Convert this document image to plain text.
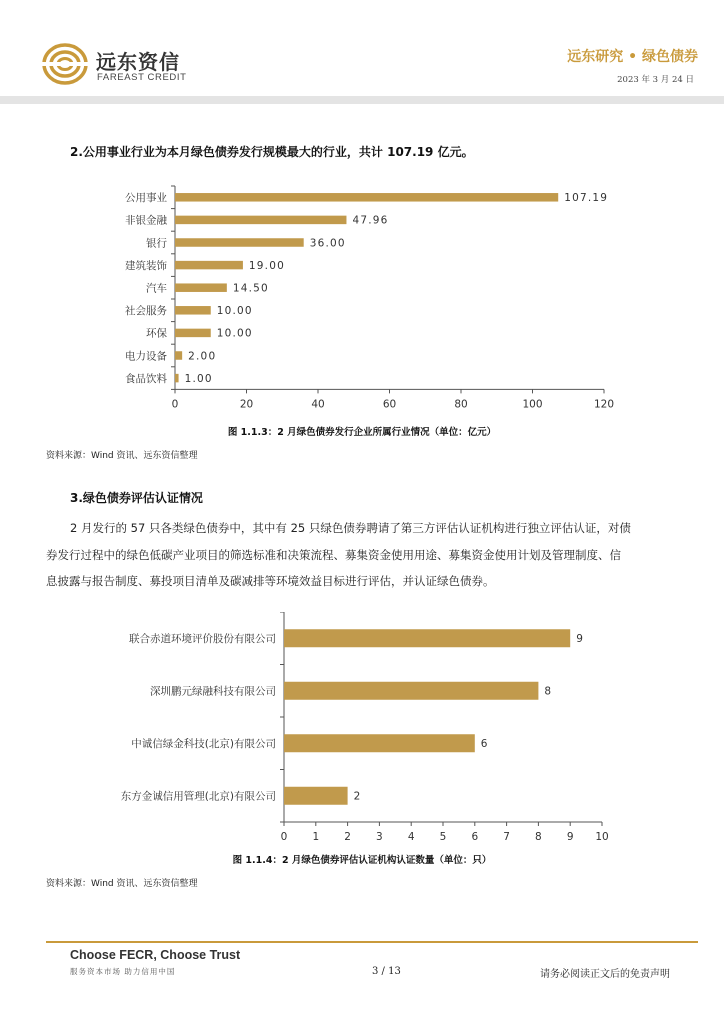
远东资信
FAREAST CREDIT
远东研究 • 绿色债券
2023 年 3 月 24 日
2.公用事业行业为本月绿色债券发行规模最大的行业，共计 107.19 亿元。
公用事业	107.19
非银金融	47.96
银行	36.00
建筑装饰	19.00
汽车	14.50
社会服务	10.00
环保	10.00
电力设备 2.00
食品饮料 1.00
0	20	40	60	80	100	120
图 1.1.3：2 月绿色债券发行企业所属行业情况（单位：亿元）
资料来源：Wind 资讯、远东资信整理
3.绿色债券评估认证情况
2 月发行的 57 只各类绿色债券中，其中有 25 只绿色债券聘请了第三方评估认证机构进行独立评估认证，对债
券发行过程中的绿色低碳产业项目的筛选标准和决策流程、募集资金使用用途、募集资金使用计划及管理制度、信
息披露与报告制度、募投项目清单及碳减排等环境效益目标进行评估，并认证绿色债券。
联合赤道环境评价股份有限公司	9
深圳鹏元绿融科技有限公司	8
中诚信绿金科技(北京)有限公司	6
东方金诚信用管理(北京)有限公司	2
0 1 2 3 4 5 6 7 8 9 10
图 1.1.4：2 月绿色债券评估认证机构认证数量（单位：只）
资料来源：Wind 资讯、远东资信整理
Choose FECR, Choose Trust
服务资本市场 助力信用中国	3 / 13	请务必阅读正文后的免责声明
